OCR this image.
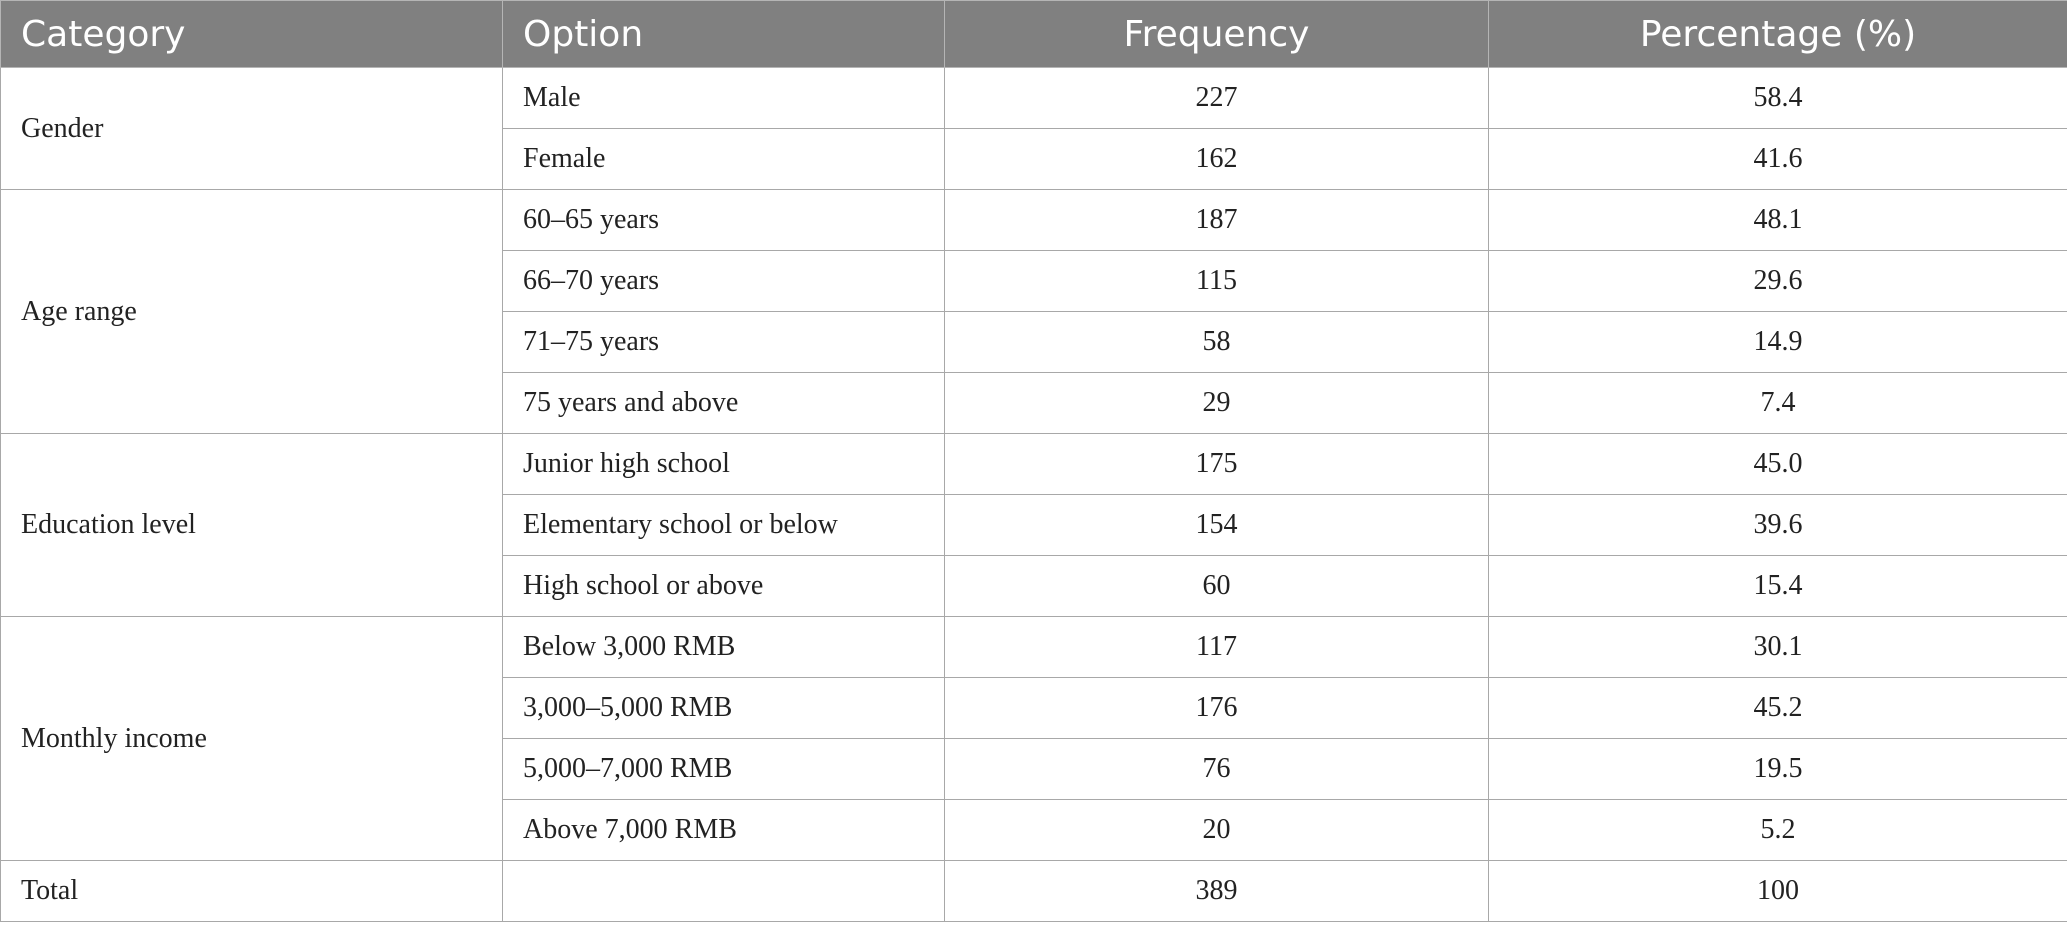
Category	Option	Frequency	Percentage (%)
Gender	Male	227	58.4
	Female	162	41.6
Age range	60–65 years	187	48.1
	66–70 years	115	29.6
	71–75 years	58	14.9
	75 years and above	29	7.4
Education level	Junior high school	175	45.0
	Elementary school or below	154	39.6
	High school or above	60	15.4
Monthly income	Below 3,000 RMB	117	30.1
	3,000–5,000 RMB	176	45.2
	5,000–7,000 RMB	76	19.5
	Above 7,000 RMB	20	5.2
Total		389	100
